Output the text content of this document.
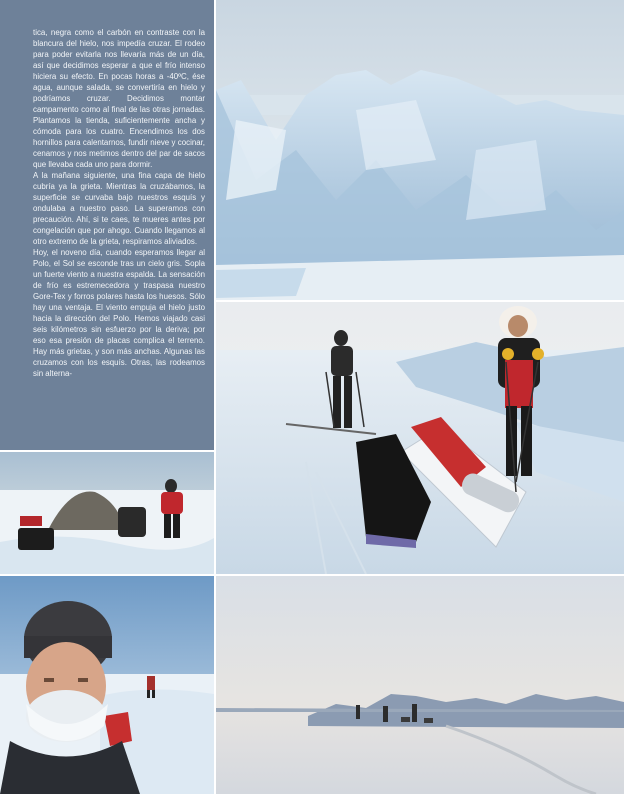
tica, negra como el carbón en contraste con la blancura del hielo, nos impedía cruzar. El rodeo para poder evitarla nos llevaría más de un día, así que decidimos esperar a que el frío intenso hiciera su efecto. En pocas horas a -40ºC, ése agua, aunque salada, se convertiría en hielo y podríamos cruzar. Decidimos montar campamento como al final de las otras jornadas. Plantamos la tienda, suficientemente ancha y cómoda para los cuatro. Encendimos los dos hornillos para calentarnos, fundir nieve y cocinar, cenamos y nos metimos dentro del par de sacos que llevaba cada uno para dormir.

A la mañana siguiente, una fina capa de hielo cubría ya la grieta. Mientras la cruzábamos, la superficie se curvaba bajo nuestros esquís y ondulaba a nuestro paso. La superamos con precaución. Ahí, si te caes, te mueres antes por congelación que por ahogo. Cuando llegamos al otro extremo de la grieta, respiramos aliviados.

Hoy, el noveno día, cuando esperamos llegar al Polo, el Sol se esconde tras un cielo gris. Sopla un fuerte viento a nuestra espalda. La sensación de frío es estremecedora y traspasa nuestro Gore-Tex y forros polares hasta los huesos. Sólo hay una ventaja. El viento empuja el hielo justo hacia la dirección del Polo. Hemos viajado casi seis kilómetros sin esfuerzo por la deriva; por eso esa presión de placas complica el terreno. Hay más grietas, y son más anchas. Algunas las cruzamos con los esquís. Otras, las rodeamos sin alterna-
